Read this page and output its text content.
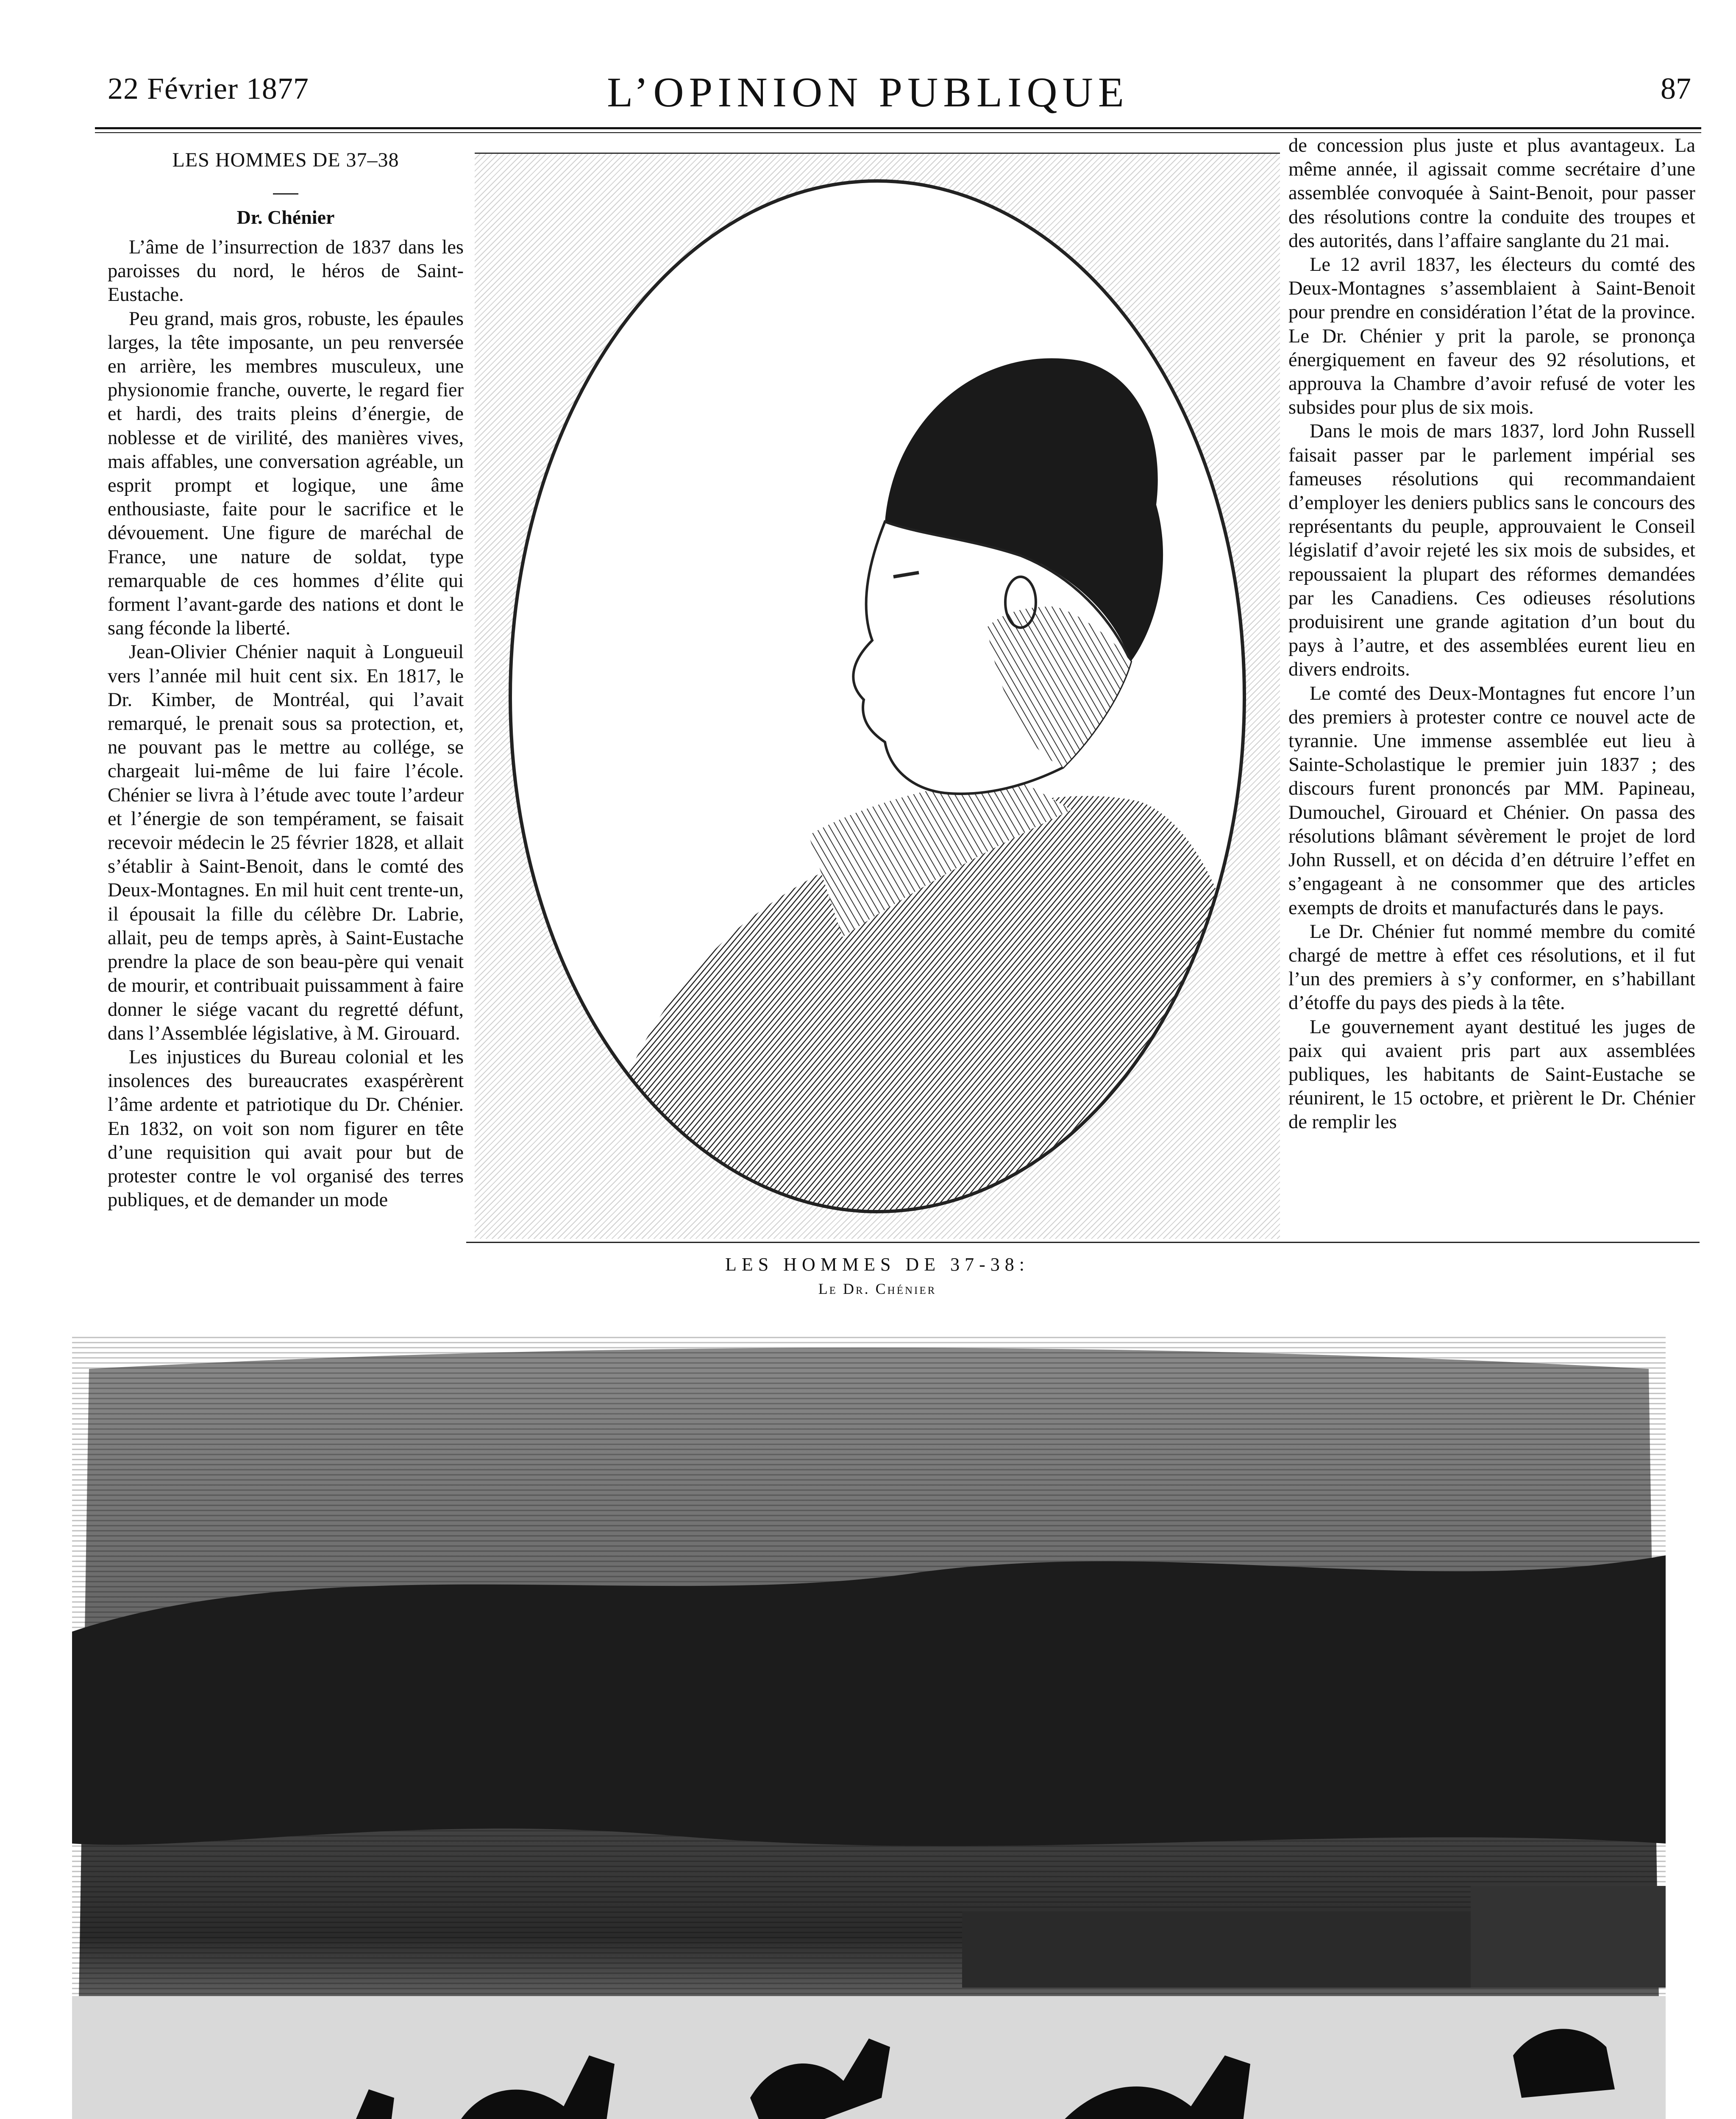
22 Février 1877	L’OPINION PUBLIQUE	87
LES HOMMES DE 37–38
Dr. Chénier

L’âme de l’insurrection de 1837 dans les paroisses du nord, le héros de Saint-Eustache.

Peu grand, mais gros, robuste, les épaules larges, la tête imposante, un peu renversée en arrière, les membres musculeux, une physionomie franche, ouverte, le regard fier et hardi, des traits pleins d’énergie, de noblesse et de virilité, des manières vives, mais affables, une conversation agréable, un esprit prompt et logique, une âme enthousiaste, faite pour le sacrifice et le dévouement. Une figure de maréchal de France, une nature de soldat, type remarquable de ces hommes d’élite qui forment l’avant-garde des nations et dont le sang féconde la liberté.

Jean-Olivier Chénier naquit à Longueuil vers l’année mil huit cent six. En 1817, le Dr. Kimber, de Montréal, qui l’avait remarqué, le prenait sous sa protection, et, ne pouvant pas le mettre au collége, se chargeait lui-même de lui faire l’école. Chénier se livra à l’étude avec toute l’ardeur et l’énergie de son tempérament, se faisait recevoir médecin le 25 février 1828, et allait s’établir à Saint-Benoit, dans le comté des Deux-Montagnes. En mil huit cent trente-un, il épousait la fille du célèbre Dr. Labrie, allait, peu de temps après, à Saint-Eustache prendre la place de son beau-père qui venait de mourir, et contribuait puissamment à faire donner le siége vacant du regretté défunt, dans l’Assemblée législative, à M. Girouard.

Les injustices du Bureau colonial et les insolences des bureaucrates exaspérèrent l’âme ardente et patriotique du Dr. Chénier. En 1832, on voit son nom figurer en tête d’une requisition qui avait pour but de protester contre le vol organisé des terres publiques, et de demander un mode

LES HOMMES DE 37-38:
Le Dr. Chénier

de concession plus juste et plus avantageux. La même année, il agissait comme secrétaire d’une assemblée convoquée à Saint-Benoit, pour passer des résolutions contre la conduite des troupes et des autorités, dans l’affaire sanglante du 21 mai.

Le 12 avril 1837, les électeurs du comté des Deux-Montagnes s’assemblaient à Saint-Benoit pour prendre en considération l’état de la province. Le Dr. Chénier y prit la parole, se prononça énergiquement en faveur des 92 résolutions, et approuva la Chambre d’avoir refusé de voter les subsides pour plus de six mois.

Dans le mois de mars 1837, lord John Russell faisait passer par le parlement impérial ses fameuses résolutions qui recommandaient d’employer les deniers publics sans le concours des représentants du peuple, approuvaient le Conseil législatif d’avoir rejeté les six mois de subsides, et repoussaient la plupart des réformes demandées par les Canadiens. Ces odieuses résolutions produisirent une grande agitation d’un bout du pays à l’autre, et des assemblées eurent lieu en divers endroits.

Le comté des Deux-Montagnes fut encore l’un des premiers à protester contre ce nouvel acte de tyrannie. Une immense assemblée eut lieu à Sainte-Scholastique le premier juin 1837 ; des discours furent prononcés par MM. Papineau, Dumouchel, Girouard et Chénier. On passa des résolutions blâmant sévèrement le projet de lord John Russell, et on décida d’en détruire l’effet en s’engageant à ne consommer que des articles exempts de droits et manufacturés dans le pays.

Le Dr. Chénier fut nommé membre du comité chargé de mettre à effet ces résolutions, et il fut l’un des premiers à s’y conformer, en s’habillant d’étoffe du pays des pieds à la tête.

Le gouvernement ayant destitué les juges de paix qui avaient pris part aux assemblées publiques, les habitants de Saint-Eustache se réunirent, le 15 octobre, et prièrent le Dr. Chénier de remplir les
